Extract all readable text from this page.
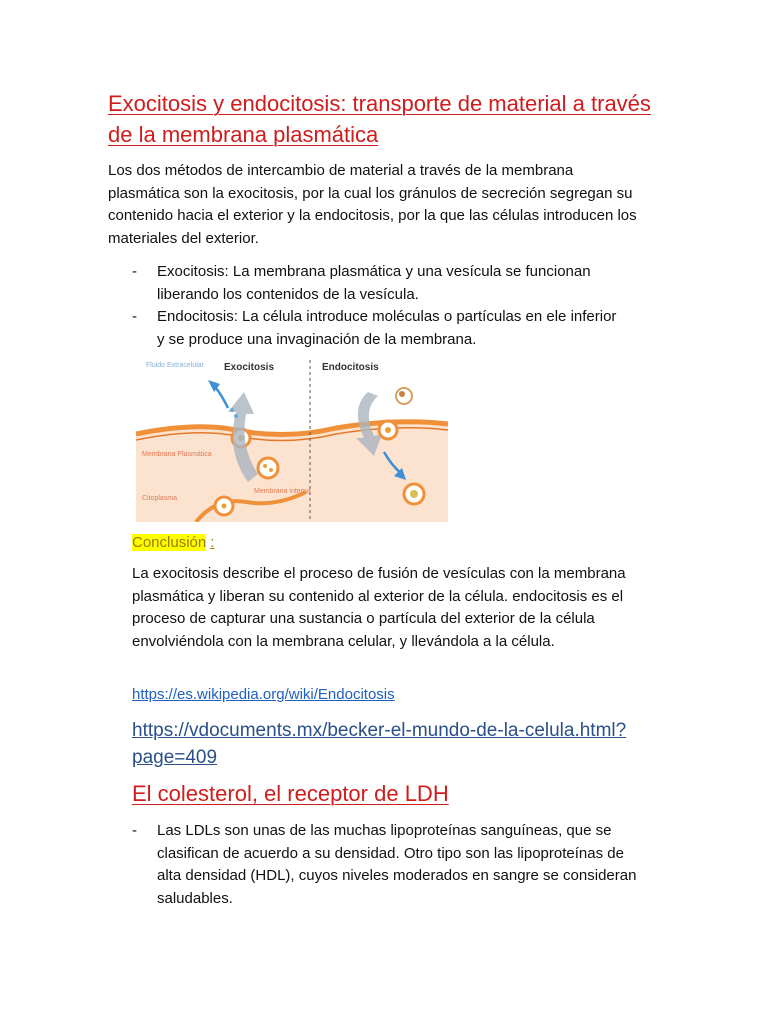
Exocitosis y endocitosis: transporte de material a través de la membrana plasmática
Los dos métodos de intercambio de material a través de la membrana plasmática son la exocitosis, por la cual los gránulos de secreción segregan su contenido hacia el exterior y la endocitosis, por la que las células introducen los materiales del exterior.
- Exocitosis: La membrana plasmática y una vesícula se funcionan liberando los contenidos de la vesícula.
- Endocitosis: La célula introduce moléculas o partículas en ele inferior y se produce una invaginación de la membrana.
Fluido Extracelular Exocitosis	Endocitosis
Membrana Plasmática
Citoplasma
Membrana interna
Conclusión :
La exocitosis describe el proceso de fusión de vesículas con la membrana plasmática y liberan su contenido al exterior de la célula. endocitosis es el proceso de capturar una sustancia o partícula del exterior de la célula envolviéndola con la membrana celular, y llevándola a la célula.
https://es.wikipedia.org/wiki/Endocitosis
https://vdocuments.mx/becker-el-mundo-de-la-celula.html?page=409
El colesterol, el receptor de LDH
- Las LDLs son unas de las muchas lipoproteínas sanguíneas, que se clasifican de acuerdo a su densidad. Otro tipo son las lipoproteínas de alta densidad (HDL), cuyos niveles moderados en sangre se consideran saludables.
